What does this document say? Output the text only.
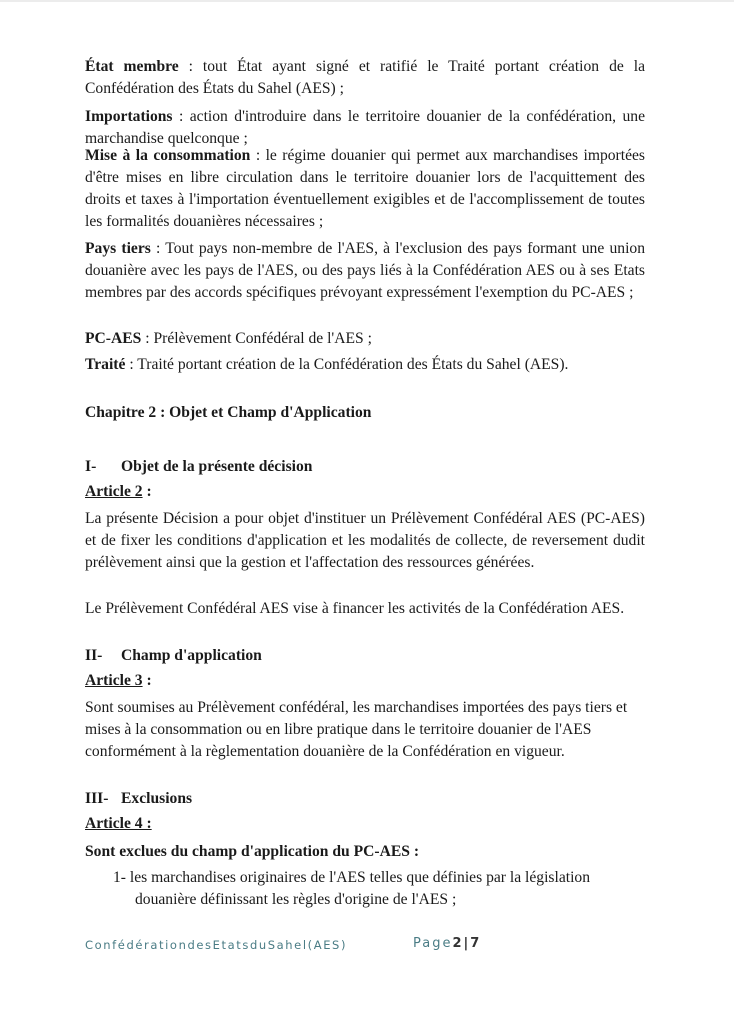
État membre : tout État ayant signé et ratifié le Traité portant création de la Confédération des États du Sahel (AES) ;

Importations : action d'introduire dans le territoire douanier de la confédération, une marchandise quelconque ;

Mise à la consommation : le régime douanier qui permet aux marchandises importées d'être mises en libre circulation dans le territoire douanier lors de l'acquittement des droits et taxes à l'importation éventuellement exigibles et de l'accomplissement de toutes les formalités douanières nécessaires ;

Pays tiers : Tout pays non-membre de l'AES, à l'exclusion des pays formant une union douanière avec les pays de l'AES, ou des pays liés à la Confédération AES ou à ses Etats membres par des accords spécifiques prévoyant expressément l'exemption du PC-AES ;

PC-AES : Prélèvement Confédéral de l'AES ;

Traité : Traité portant création de la Confédération des États du Sahel (AES).

Chapitre 2 : Objet et Champ d'Application
I- Objet de la présente décision
Article 2 :

La présente Décision a pour objet d'instituer un Prélèvement Confédéral AES (PC-AES) et de fixer les conditions d'application et les modalités de collecte, de reversement dudit prélèvement ainsi que la gestion et l'affectation des ressources générées.

Le Prélèvement Confédéral AES vise à financer les activités de la Confédération AES.

II- Champ d'application
Article 3 :

Sont soumises au Prélèvement confédéral, les marchandises importées des pays tiers et mises à la consommation ou en libre pratique dans le territoire douanier de l'AES conformément à la règlementation douanière de la Confédération en vigueur.

III- Exclusions
Article 4 :
Sont exclues du champ d'application du PC-AES :

1- les marchandises originaires de l'AES telles que définies par la législation douanière définissant les règles d'origine de l'AES ;

ConfédérationdesEtatsduSahel(AES)	Page2|7
